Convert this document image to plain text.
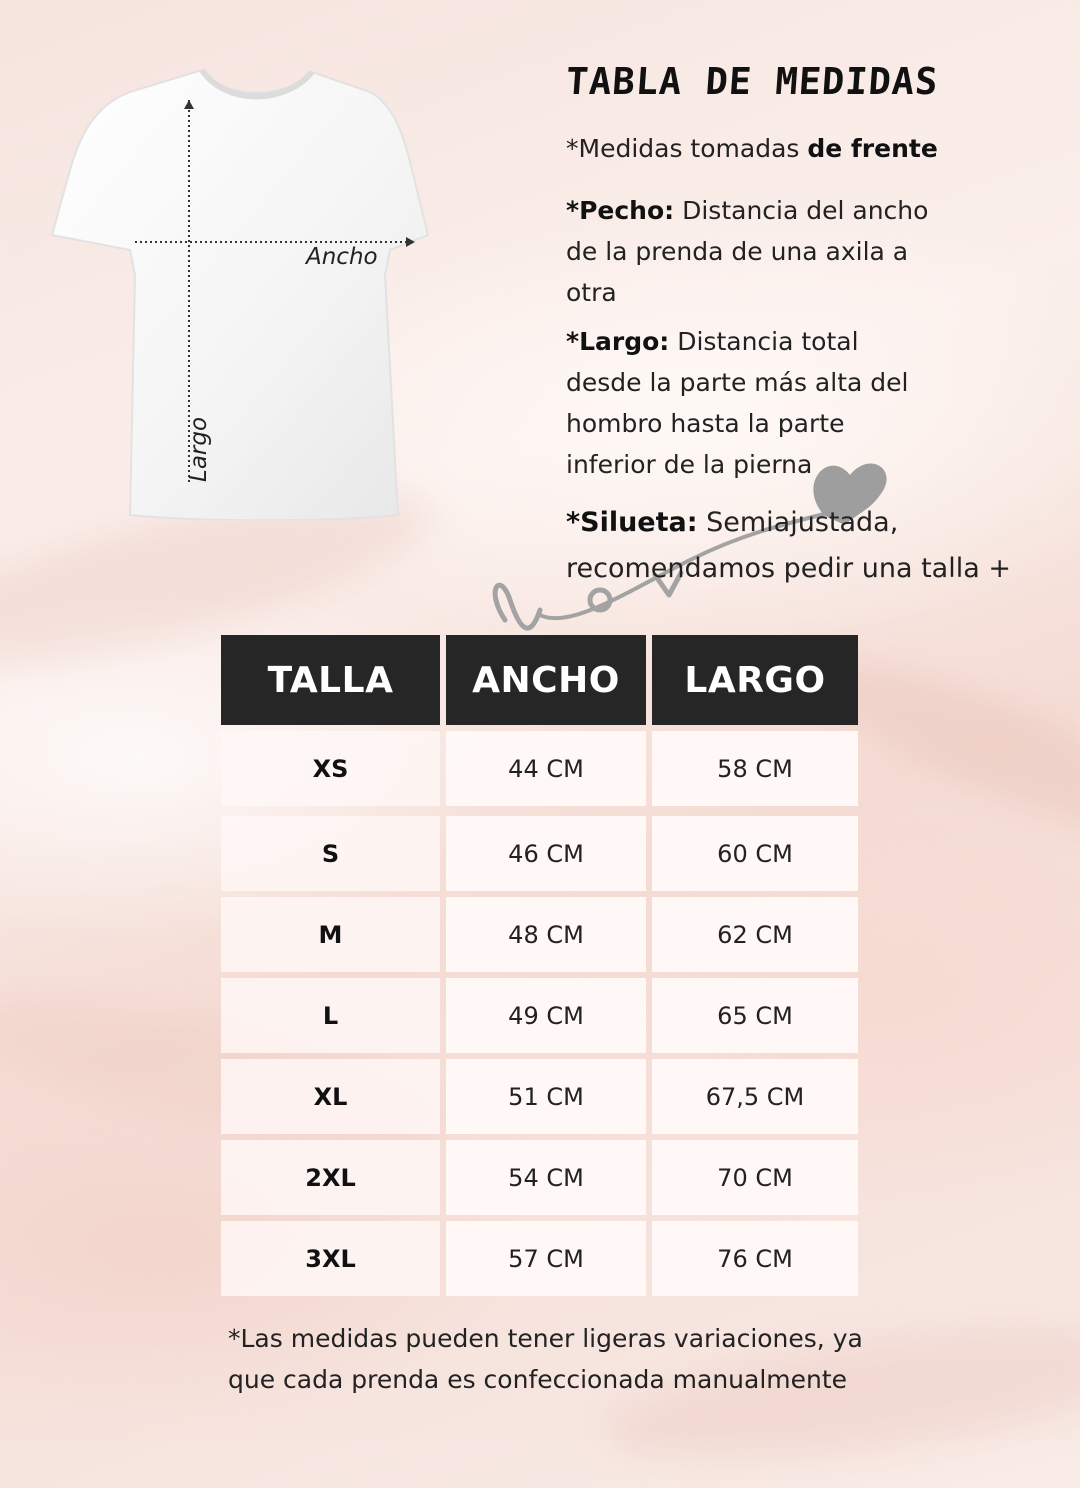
Ancho
Largo
TABLA DE MEDIDAS

*Medidas tomadas de frente

*Pecho: Distancia del ancho de la prenda de una axila a otra

*Largo: Distancia total desde la parte más alta del hombro hasta la parte inferior de la pierna

*Silueta: Semiajustada, recomendamos pedir una talla +

TALLA	ANCHO	LARGO
XS	44 CM	58 CM
S	46 CM	60 CM
M	48 CM	62 CM
L	49 CM	65 CM
XL	51 CM	67,5 CM
2XL	54 CM	70 CM
3XL	57 CM	76 CM

*Las medidas pueden tener ligeras variaciones, ya que cada prenda es confeccionada manualmente
